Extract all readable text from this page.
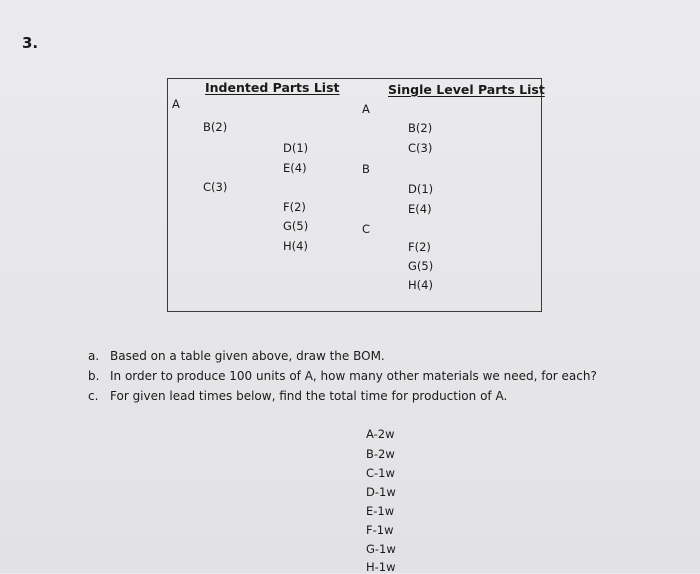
3.
Indented Parts List	Single Level Parts List
A
B(2)
D(1)
E(4)
C(3)
F(2)
G(5)
H(4)
A
B(2)
C(3)
B
D(1)
E(4)
C
F(2)
G(5)
H(4)
a. Based on a table given above, draw the BOM.
b. In order to produce 100 units of A, how many other materials we need, for each?
c. For given lead times below, find the total time for production of A.
A-2w
B-2w
C-1w
D-1w
E-1w
F-1w
G-1w
H-1w
